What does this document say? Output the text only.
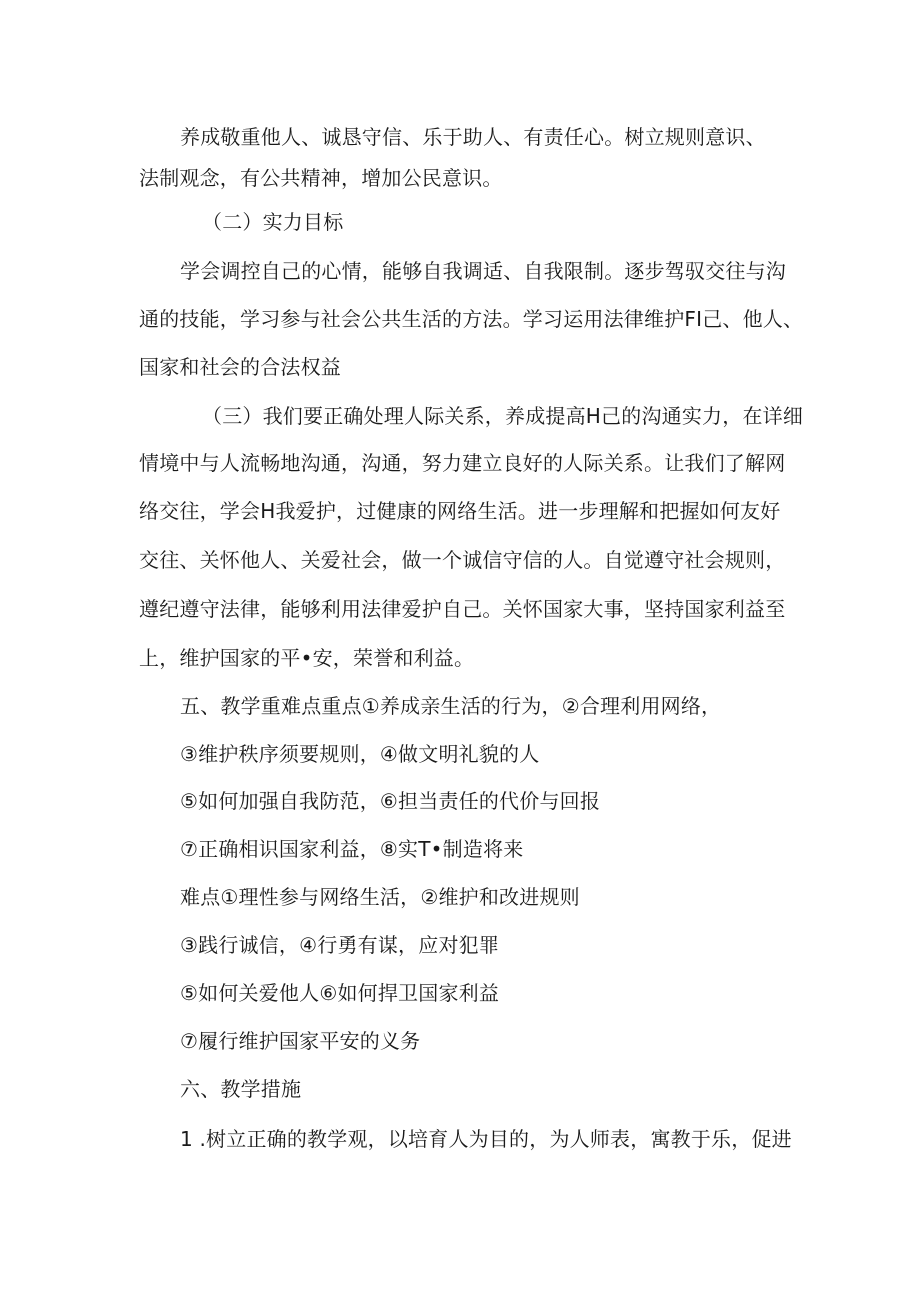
养成敬重他人、诚恳守信、乐于助人、有责任心。树立规则意识、
法制观念，有公共精神，增加公民意识。
（二）实力目标
学会调控自己的心情，能够自我调适、自我限制。逐步驾驭交往与沟
通的技能，学习参与社会公共生活的方法。学习运用法律维护FI己、他人、
国家和社会的合法权益
（三）我们要正确处理人际关系，养成提高H己的沟通实力，在详细
情境中与人流畅地沟通，沟通，努力建立良好的人际关系。让我们了解网
络交往，学会H我爱护，过健康的网络生活。进一步理解和把握如何友好
交往、关怀他人、关爱社会，做一个诚信守信的人。自觉遵守社会规则，
遵纪遵守法律，能够利用法律爱护自己。关怀国家大事，坚持国家利益至
上，维护国家的平•安，荣誉和利益。
五、教学重难点重点①养成亲生活的行为，②合理利用网络，
③维护秩序须要规则，④做文明礼貌的人
⑤如何加强自我防范，⑥担当责任的代价与回报
⑦正确相识国家利益，⑧实T•制造将来
难点①理性参与网络生活，②维护和改进规则
③践行诚信，④行勇有谋，应对犯罪
⑤如何关爱他人⑥如何捍卫国家利益
⑦履行维护国家平安的义务
六、教学措施
1 .树立正确的教学观，以培育人为目的，为人师表，寓教于乐，促进
